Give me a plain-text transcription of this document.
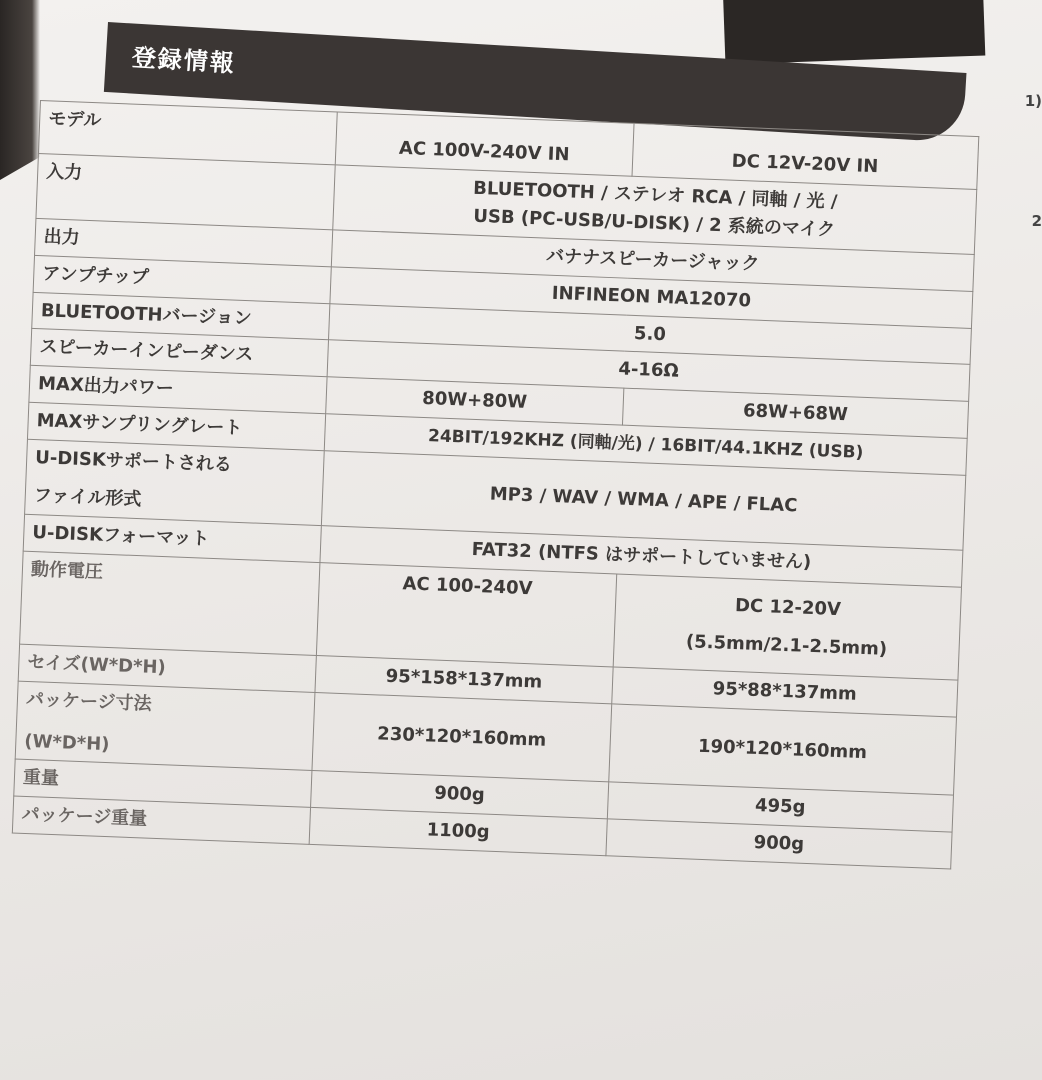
1)
2
登録情報
モデル	AC 100V-240V IN	DC 12V-20V IN
入力	BLUETOOTH / ステレオ RCA / 同軸 / 光 /
USB (PC-USB/U-DISK) / 2 系統のマイク	

出力	バナナスピーカージャック	
アンプチップ	INFINEON MA12070	
BLUETOOTHバージョン	5.0	
スピーカーインピーダンス	4-16Ω	
MAX出力パワー	80W+80W	68W+68W
MAXサンプリングレート	24BIT/192KHZ (同軸/光) / 16BIT/44.1KHZ (USB)	

U-DISKサポートされる
ファイル形式	MP3 / WAV / WMA / APE / FLAC	
U-DISKフォーマット	FAT32 (NTFS はサポートしていません)	
動作電圧	AC 100-240V	DC 12-20V
(5.5mm/2.1-2.5mm)

セイズ(W*D*H)	95*158*137mm	95*88*137mm

パッケージ寸法
(W*D*H)	230*120*160mm	190*120*160mm
重量	900g	495g
パッケージ重量	1100g	900g
